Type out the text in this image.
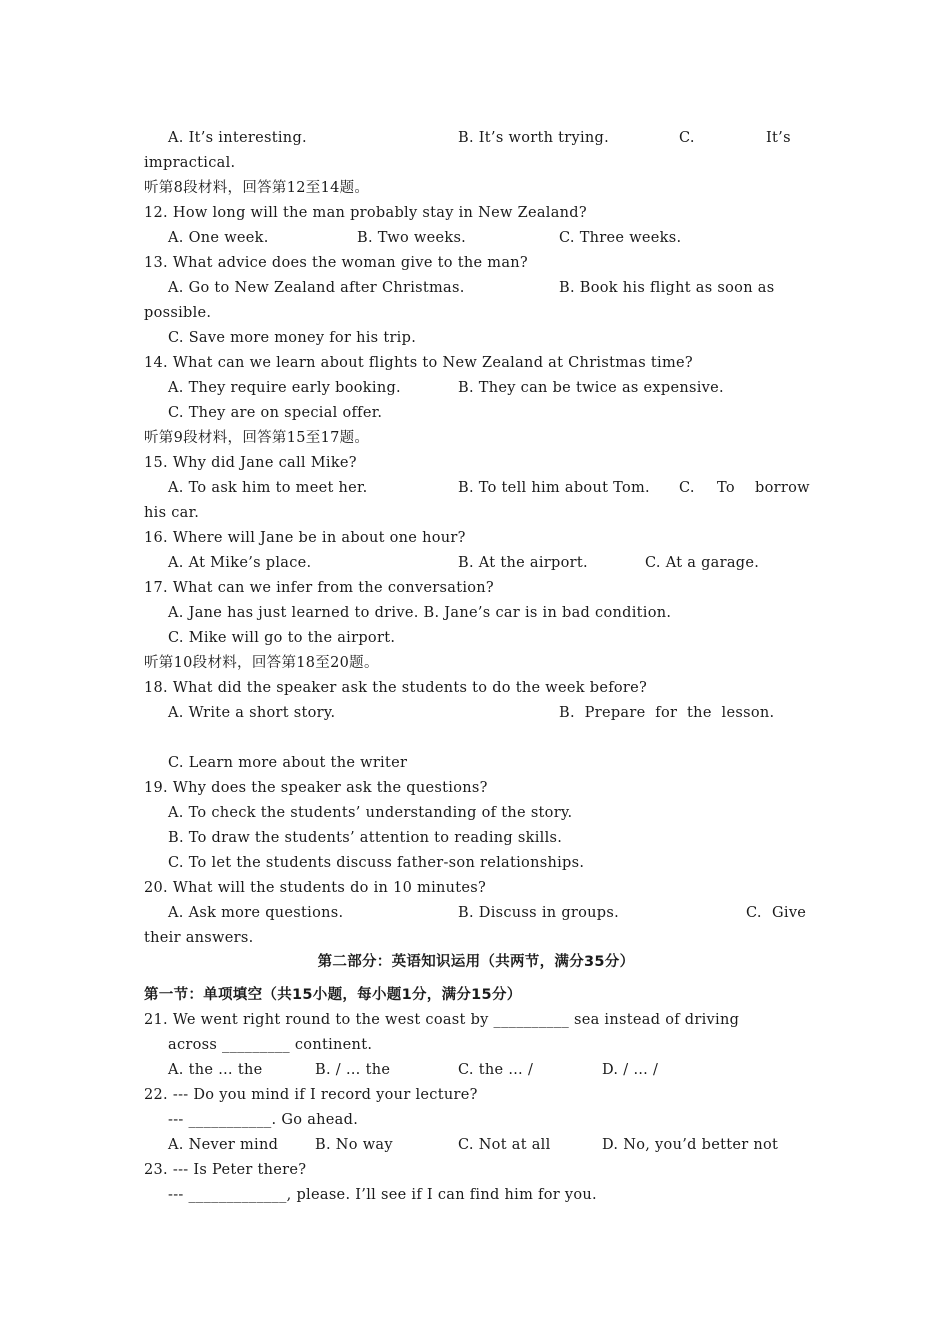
A. It’s interesting.	B. It’s worth trying.	C.	It’s
impractical.
听第8段材料，回答第12至14题。
12. How long will the man probably stay in New Zealand?
A. One week.	B. Two weeks.	C. Three weeks.
13. What advice does the woman give to the man?
A. Go to New Zealand after Christmas.	B. Book his flight as soon as
possible.
C. Save more money for his trip.
14. What can we learn about flights to New Zealand at Christmas time?
A. They require early booking.	B. They can be twice as expensive.
C. They are on special offer.
听第9段材料，回答第15至17题。
15. Why did Jane call Mike?
A. To ask him to meet her.	B. To tell him about Tom.	C.	To	borrow
his car.
16. Where will Jane be in about one hour?
A. At Mike’s place.	B. At the airport.	C. At a garage.
17. What can we infer from the conversation?
A. Jane has just learned to drive. B. Jane’s car is in bad condition.
C. Mike will go to the airport.
听第10段材料，回答第18至20题。
18. What did the speaker ask the students to do the week before?
A. Write a short story.	B.  Prepare  for  the  lesson.
C. Learn more about the writer
19. Why does the speaker ask the questions?
A. To check the students’ understanding of the story.
B. To draw the students’ attention to reading skills.
C. To let the students discuss father-son relationships.
20. What will the students do in 10 minutes?
A. Ask more questions.	B. Discuss in groups.	C. Give
their answers.
第二部分：英语知识运用（共两节，满分35分）
第一节：单项填空（共15小题，每小题1分，满分15分）
21. We went right round to the west coast by __________ sea instead of driving
across _________ continent.
A. the … the	B. / … the	C. the … /	D. / … /
22. --- Do you mind if I record your lecture?
--- ___________. Go ahead.
A. Never mind	B. No way	C. Not at all	D. No, you’d better not
23. --- Is Peter there?
--- _____________, please. I’ll see if I can find him for you.
